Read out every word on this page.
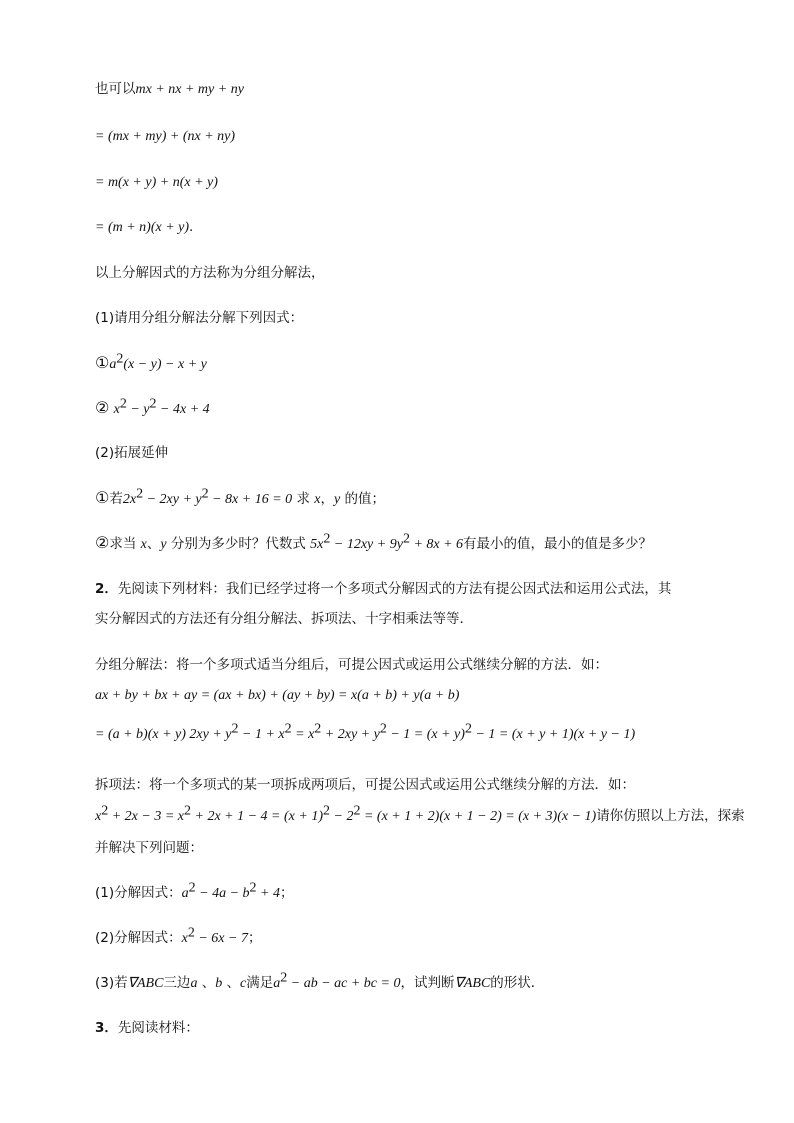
也可以mx + nx + my + ny
= (mx + my) + (nx + ny)
= m(x + y) + n(x + y)
= (m + n)(x + y).
以上分解因式的方法称为分组分解法，
(1)请用分组分解法分解下列因式：
$①a^2(x - y) - x + y$
② $x^2 - y^2 - 4x + 4$
(2)拓展延伸
①若$2x^2 - 2xy + y^2 - 8x + 16 = 0$ 求 x，y 的值；
②求当 x、y 分别为多少时？代数式 $5x^2 - 12xy + 9y^2 + 8x + 6$有最小的值，最小的值是多少？
2．先阅读下列材料：我们已经学过将一个多项式分解因式的方法有提公因式法和运用公式法，其
实分解因式的方法还有分组分解法、拆项法、十字相乘法等等．
分组分解法：将一个多项式适当分组后，可提公因式或运用公式继续分解的方法．如：
ax + by + bx + ay = (ax + bx) + (ay + by) = x(a + b) + y(a + b)
= (a + b)(x + y) $2xy + y^2 - 1 + x^2 = x^2 + 2xy + y^2 - 1 = (x + y)^2 - 1 = (x + y + 1)(x + y - 1)$
拆项法：将一个多项式的某一项拆成两项后，可提公因式或运用公式继续分解的方法．如：
$x^2 + 2x - 3 = x^2 + 2x + 1 - 4 = (x + 1)^2 - 2^2 = (x + 1 + 2)(x + 1 - 2) = (x + 3)(x - 1)$请你仿照以上方法，探索
并解决下列问题：
(1)分解因式：$a^2 - 4a - b^2 + 4$；
(2)分解因式：$x^2 - 6x - 7$；
(3)若∇ABC三边a 、b 、c满足$a^2$ − ab − ac + bc = 0，试判断∇ABC的形状．
3．先阅读材料：
